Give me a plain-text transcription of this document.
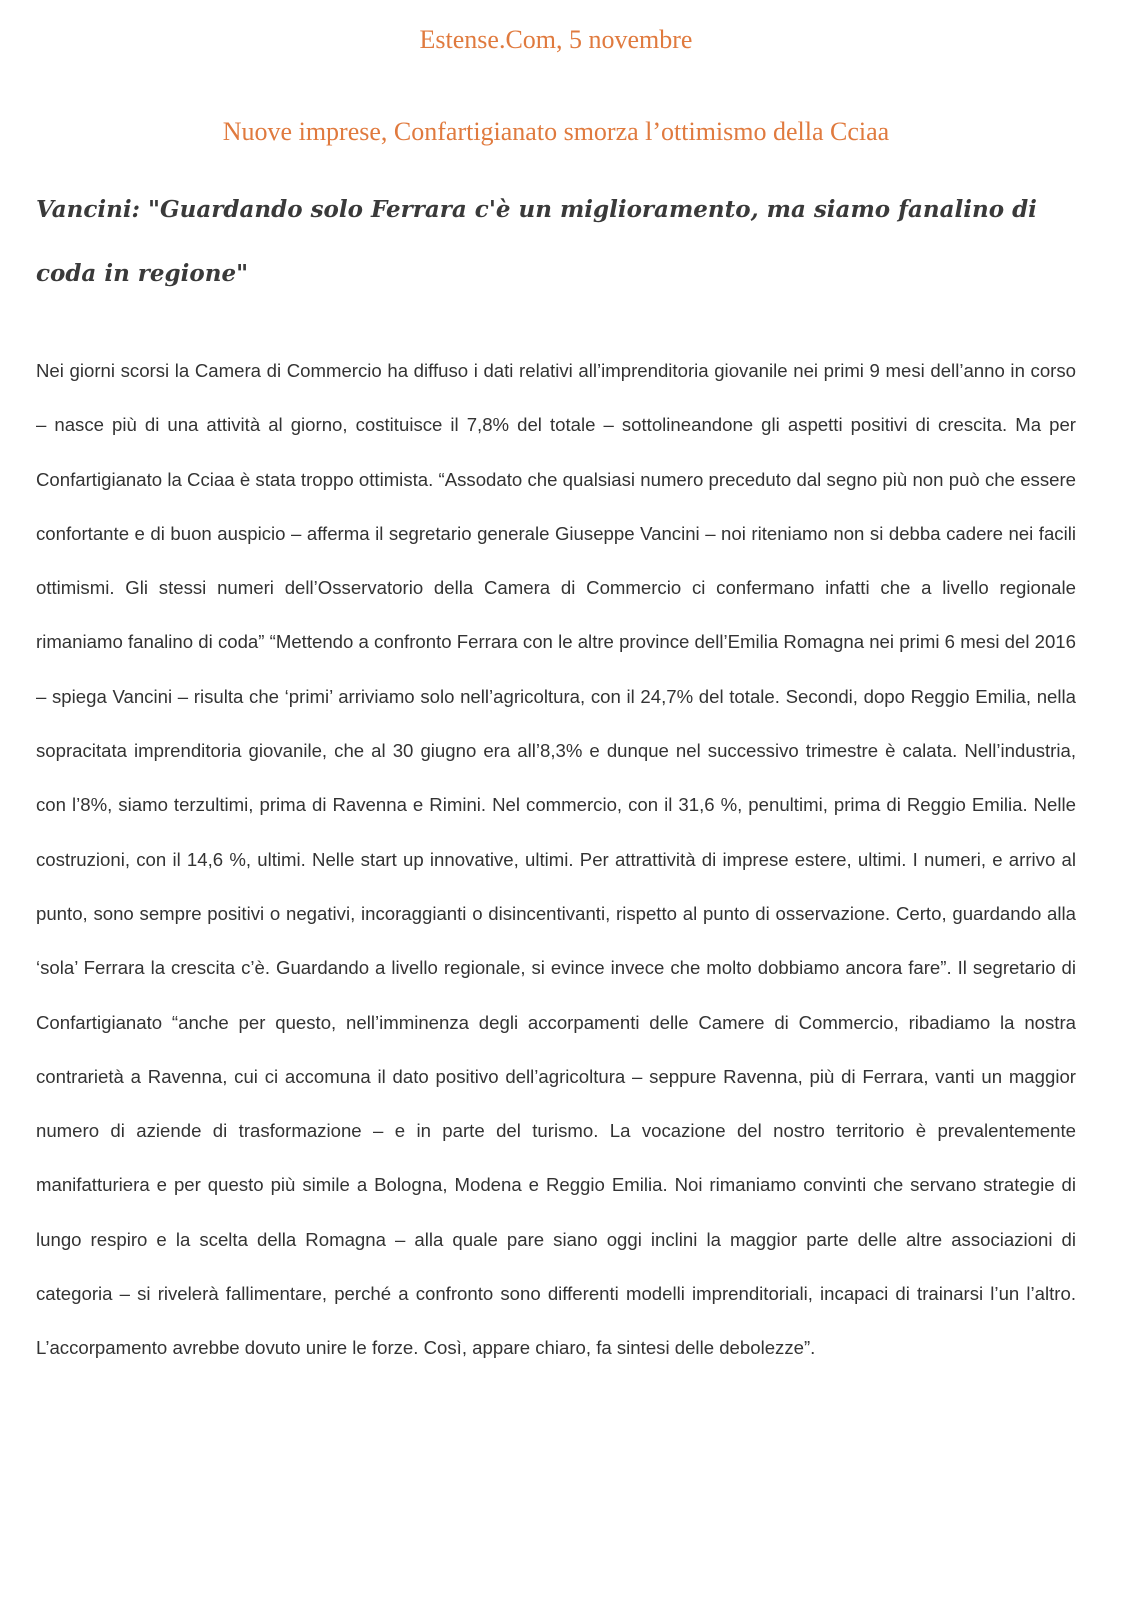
Estense.Com, 5 novembre
Nuove imprese, Confartigianato smorza l’ottimismo della Cciaa
Vancini: "Guardando solo Ferrara c'è un miglioramento, ma siamo fanalino di coda in regione"
Nei giorni scorsi la Camera di Commercio ha diffuso i dati relativi all’imprenditoria giovanile nei primi 9 mesi dell’anno in corso – nasce più di una attività al giorno, costituisce il 7,8% del totale – sottolineandone gli aspetti positivi di crescita. Ma per Confartigianato la Cciaa è stata troppo ottimista. “Assodato che qualsiasi numero preceduto dal segno più non può che essere confortante e di buon auspicio – afferma il segretario generale Giuseppe Vancini – noi riteniamo non si debba cadere nei facili ottimismi. Gli stessi numeri dell’Osservatorio della Camera di Commercio ci confermano infatti che a livello regionale rimaniamo fanalino di coda” “Mettendo a confronto Ferrara con le altre province dell’Emilia Romagna nei primi 6 mesi del 2016 – spiega Vancini – risulta che ‘primi’ arriviamo solo nell’agricoltura, con il 24,7% del totale. Secondi, dopo Reggio Emilia, nella sopracitata imprenditoria giovanile, che al 30 giugno era all’8,3% e dunque nel successivo trimestre è calata. Nell’industria, con l’8%, siamo terzultimi, prima di Ravenna e Rimini. Nel commercio, con il 31,6 %, penultimi, prima di Reggio Emilia. Nelle costruzioni, con il 14,6 %, ultimi. Nelle start up innovative, ultimi. Per attrattività di imprese estere, ultimi. I numeri, e arrivo al punto, sono sempre positivi o negativi, incoraggianti o disincentivanti, rispetto al punto di osservazione. Certo, guardando alla ‘sola’ Ferrara la crescita c’è. Guardando a livello regionale, si evince invece che molto dobbiamo ancora fare”. Il segretario di Confartigianato “anche per questo, nell’imminenza degli accorpamenti delle Camere di Commercio, ribadiamo la nostra contrarietà a Ravenna, cui ci accomuna il dato positivo dell’agricoltura – seppure Ravenna, più di Ferrara, vanti un maggior numero di aziende di trasformazione – e in parte del turismo. La vocazione del nostro territorio è prevalentemente manifatturiera e per questo più simile a Bologna, Modena e Reggio Emilia. Noi rimaniamo convinti che servano strategie di lungo respiro e la scelta della Romagna – alla quale pare siano oggi inclini la maggior parte delle altre associazioni di categoria – si rivelerà fallimentare, perché a confronto sono differenti modelli imprenditoriali, incapaci di trainarsi l’un l’altro. L’accorpamento avrebbe dovuto unire le forze. Così, appare chiaro, fa sintesi delle debolezze”.
